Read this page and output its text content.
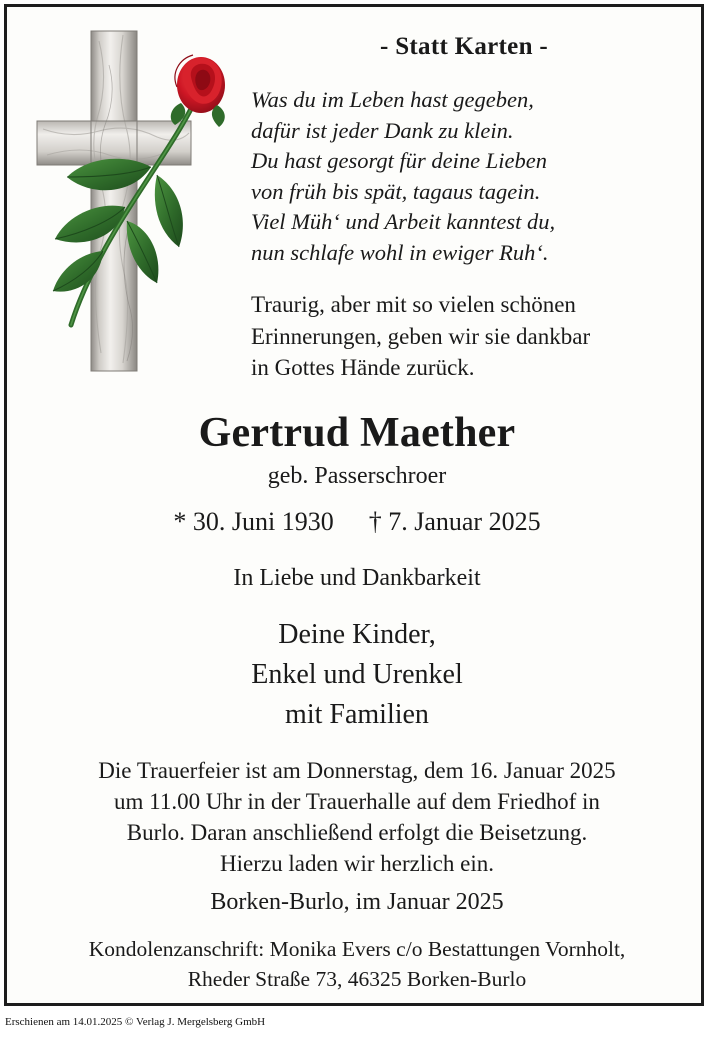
- Statt Karten -
Was du im Leben hast gegeben,
dafür ist jeder Dank zu klein.
Du hast gesorgt für deine Lieben
von früh bis spät, tagaus tagein.
Viel Müh‘ und Arbeit kanntest du,
nun schlafe wohl in ewiger Ruh‘.
Traurig, aber mit so vielen schönen
Erinnerungen, geben wir sie dankbar
in Gottes Hände zurück.
Gertrud Maether
geb. Passerschroer
* 30. Juni 1930 † 7. Januar 2025
In Liebe und Dankbarkeit
Deine Kinder,
Enkel und Urenkel
mit Familien
Die Trauerfeier ist am Donnerstag, dem 16. Januar 2025
um 11.00 Uhr in der Trauerhalle auf dem Friedhof in
Burlo. Daran anschließend erfolgt die Beisetzung.
Hierzu laden wir herzlich ein.
Borken-Burlo, im Januar 2025
Kondolenzanschrift: Monika Evers c/o Bestattungen Vornholt,
Rheder Straße 73, 46325 Borken-Burlo
Erschienen am 14.01.2025 © Verlag J. Mergelsberg GmbH
